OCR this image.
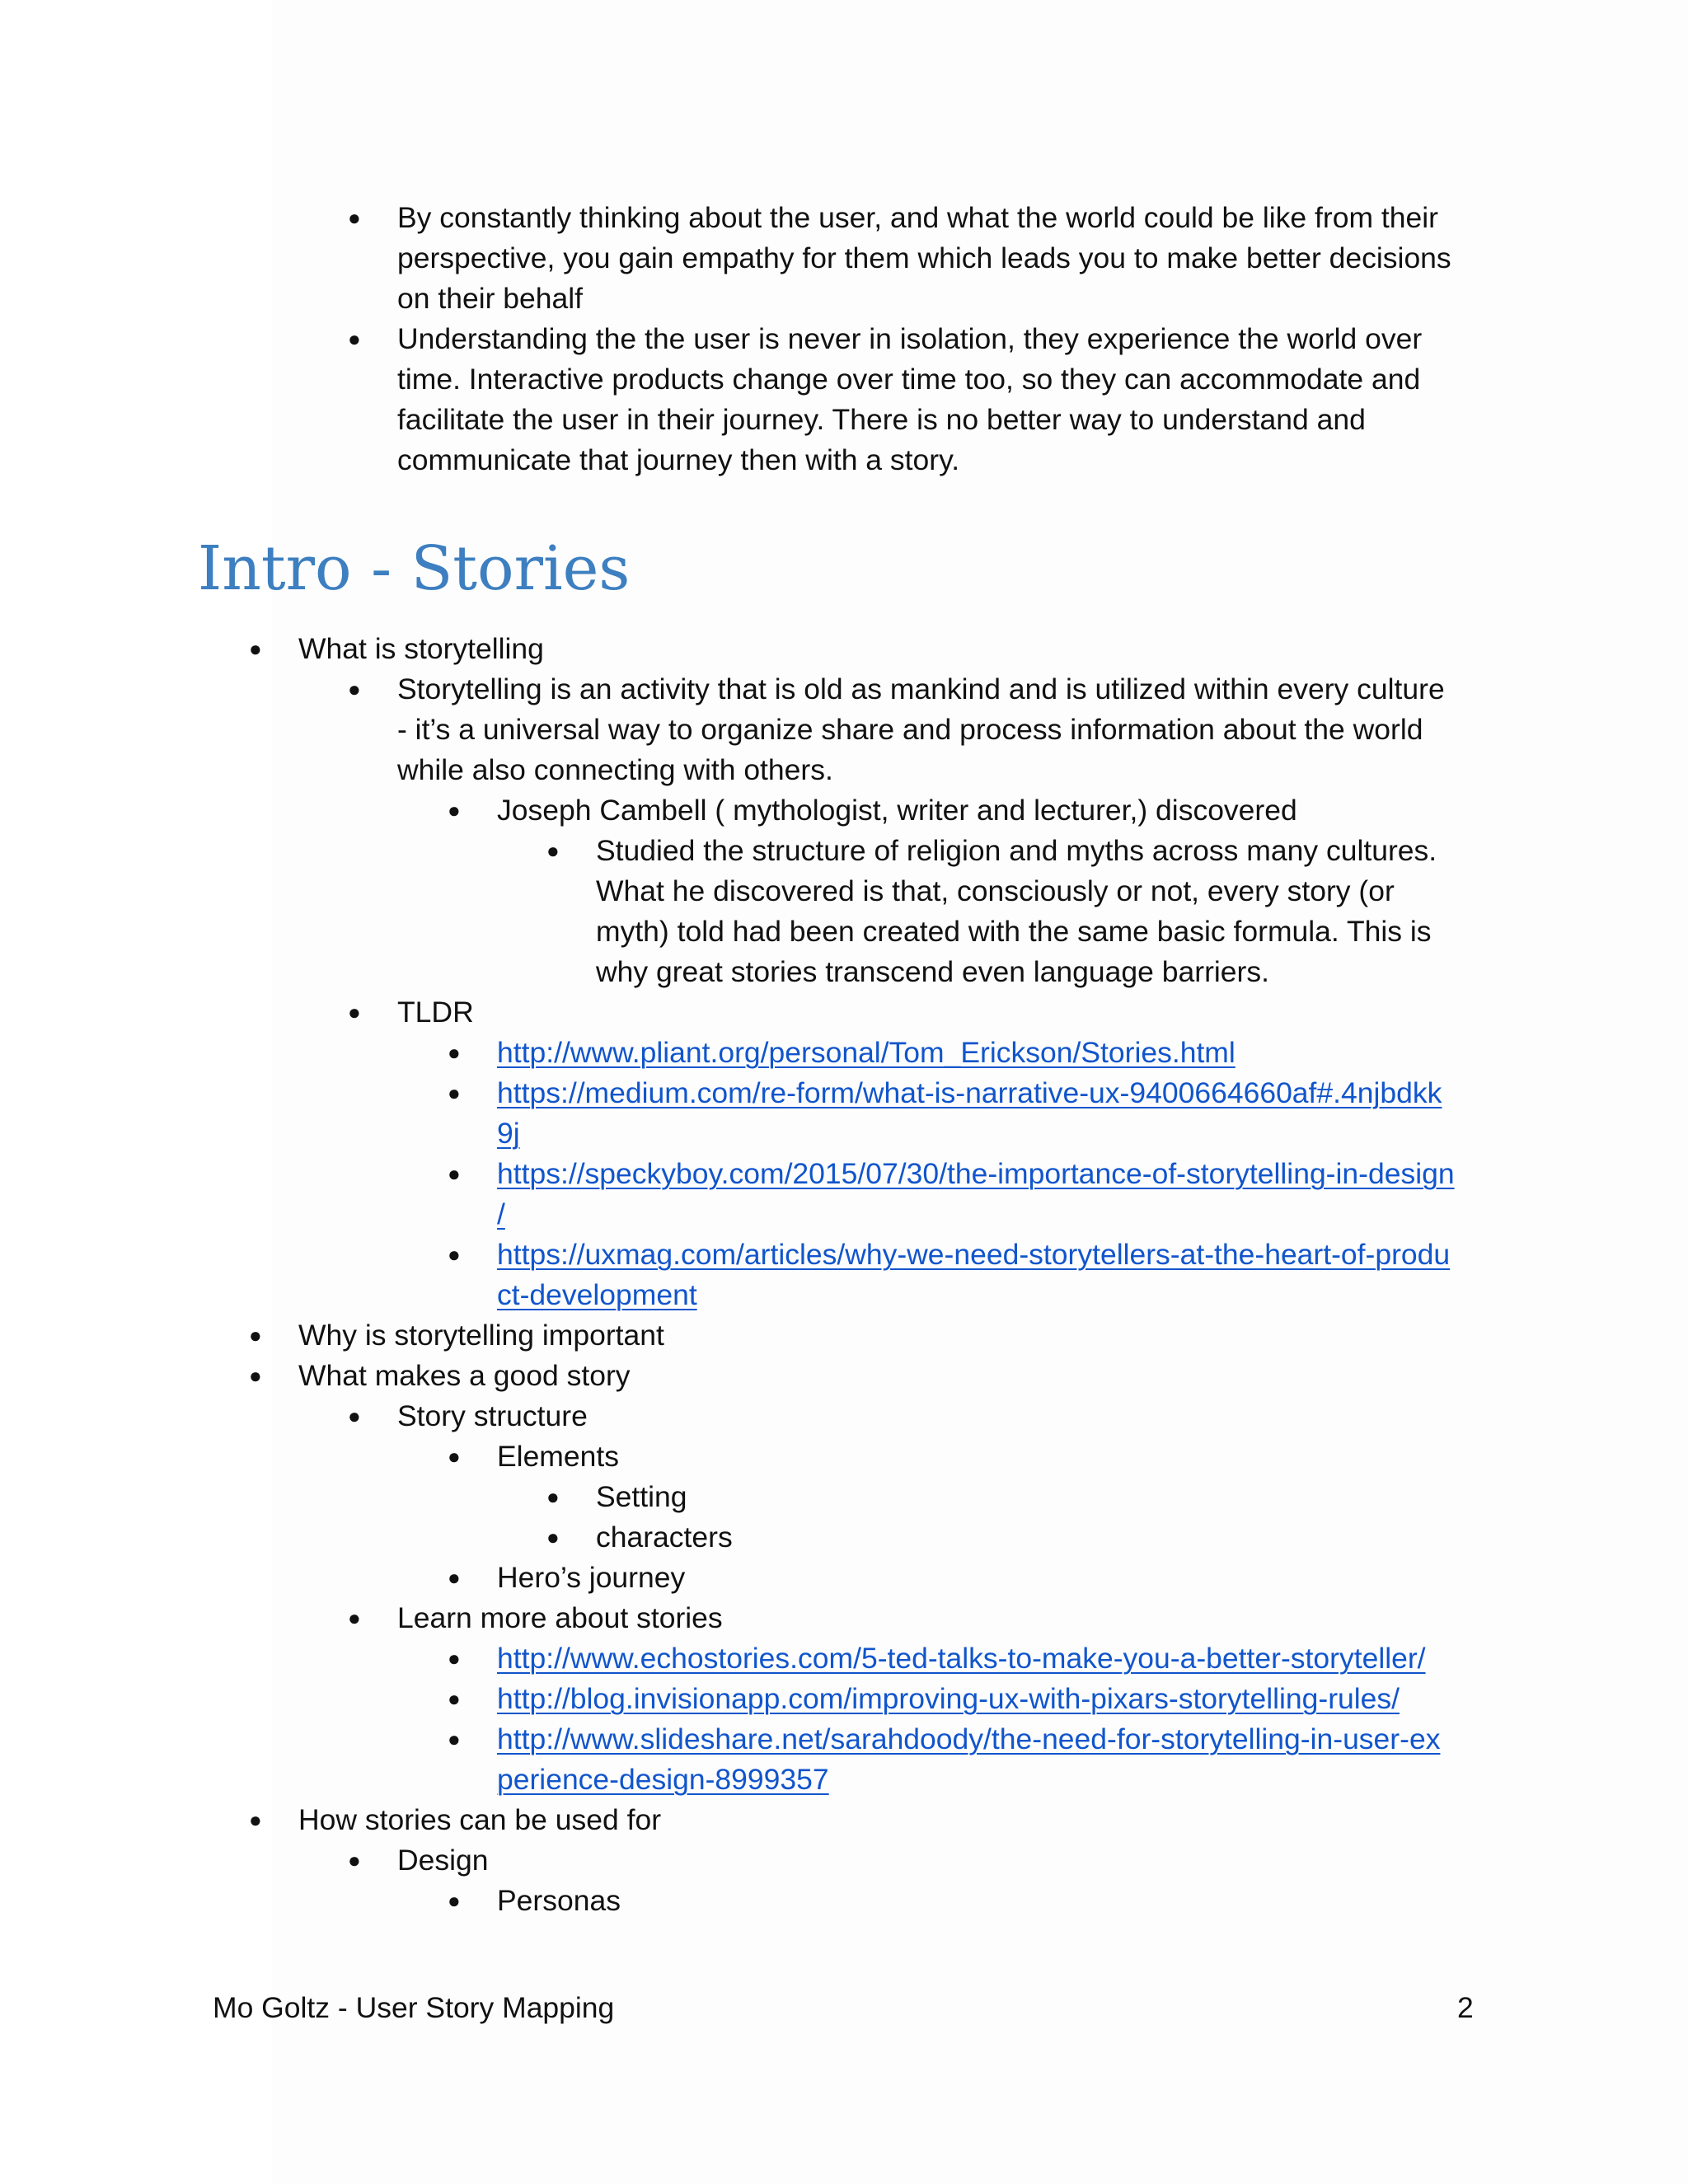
● By constantly thinking about the user, and what the world could be like from their
perspective, you gain empathy for them which leads you to make better decisions
on their behalf
● Understanding the the user is never in isolation, they experience the world over
time. Interactive products change over time too, so they can accommodate and
facilitate the user in their journey. There is no better way to understand and
communicate that journey then with a story.
Intro - Stories
● What is storytelling
● Storytelling is an activity that is old as mankind and is utilized within every culture
- it’s a universal way to organize share and process information about the world
while also connecting with others.
● Joseph Cambell ( mythologist, writer and lecturer,) discovered
● Studied the structure of religion and myths across many cultures.
What he discovered is that, consciously or not, every story (or
myth) told had been created with the same basic formula. This is
why great stories transcend even language barriers.
● TLDR
● http://www.pliant.org/personal/Tom_Erickson/Stories.html
● https://medium.com/re-form/what-is-narrative-ux-9400664660af#.4njbdkk
9j
● https://speckyboy.com/2015/07/30/the-importance-of-storytelling-in-design
/
● https://uxmag.com/articles/why-we-need-storytellers-at-the-heart-of-produ
ct-development
● Why is storytelling important
● What makes a good story
● Story structure
● Elements
● Setting
● characters
● Hero’s journey
● Learn more about stories
● http://www.echostories.com/5-ted-talks-to-make-you-a-better-storyteller/
● http://blog.invisionapp.com/improving-ux-with-pixars-storytelling-rules/
● http://www.slideshare.net/sarahdoody/the-need-for-storytelling-in-user-ex
perience-design-8999357
● How stories can be used for
● Design
● Personas
Mo Goltz - User Story Mapping	2
